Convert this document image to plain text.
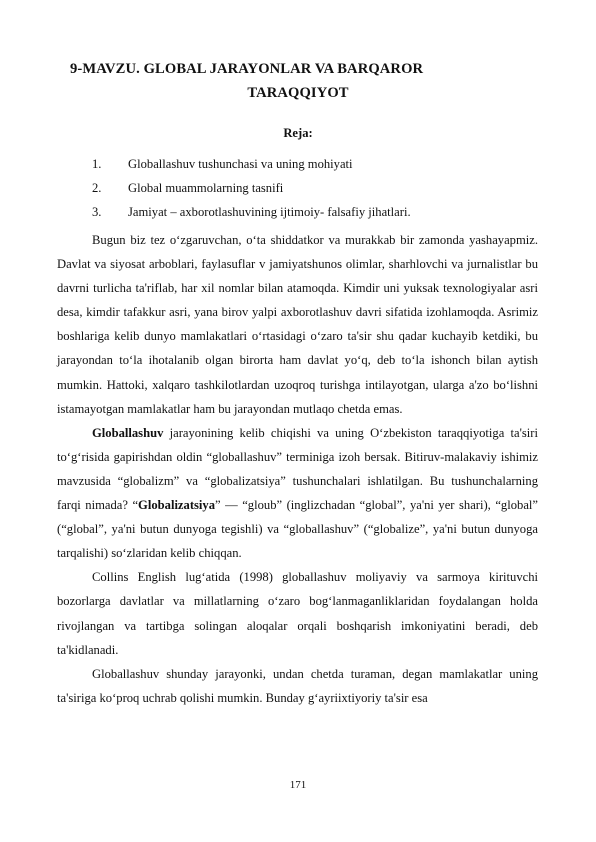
9-MAVZU. GLOBAL JARAYONLAR VA BARQAROR
TARAQQIYOT
Reja:
1. Globallashuv tushunchasi va uning mohiyati
2. Global muammolarning tasnifi
3. Jamiyat – axborotlashuvining ijtimoiy- falsafiy jihatlari.

Bugun biz tez o‘zgaruvchan, o‘ta shiddatkor va murakkab bir zamonda yashayapmiz. Davlat va siyosat arboblari, faylasuflar v jamiyatshunos olimlar, sharhlovchi va jurnalistlar bu davrni turlicha ta'riflab, har xil nomlar bilan atamoqda. Kimdir uni yuksak texnologiyalar asri desa, kimdir tafakkur asri, yana birov yalpi axborotlashuv davri sifatida izohlamoqda. Asrimiz boshlariga kelib dunyo mamlakatlari o‘rtasidagi o‘zaro ta'sir shu qadar kuchayib ketdiki, bu jarayondan to‘la ihotalanib olgan birorta ham davlat yo‘q, deb to‘la ishonch bilan aytish mumkin. Hattoki, xalqaro tashkilotlardan uzoqroq turishga intilayotgan, ularga a'zo bo‘lishni istamayotgan mamlakatlar ham bu jarayondan mutlaqo chetda emas.

Globallashuv jarayonining kelib chiqishi va uning O‘zbekiston taraqqiyotiga ta'siri to‘g‘risida gapirishdan oldin “globallashuv” terminiga izoh bersak. Bitiruv-malakaviy ishimiz mavzusida “globalizm” va “globalizatsiya” tushunchalari ishlatilgan. Bu tushunchalarning farqi nimada? “Globalizatsiya” — “gloub” (inglizchadan “global”, ya'ni yer shari), “global” (“global”, ya'ni butun dunyoga tegishli) va “globallashuv” (“globalize”, ya'ni butun dunyoga tarqalishi) so‘zlaridan kelib chiqqan.

Collins English lug‘atida (1998) globallashuv moliyaviy va sarmoya kirituvchi bozorlarga davlatlar va millatlarning o‘zaro bog‘lanmaganliklaridan foydalangan holda rivojlangan va tartibga solingan aloqalar orqali boshqarish imkoniyatini beradi, deb ta'kidlanadi.

Globallashuv shunday jarayonki, undan chetda turaman, degan mamlakatlar uning ta'siriga ko‘proq uchrab qolishi mumkin. Bunday g‘ayriixtiyoriy ta'sir esa

171
